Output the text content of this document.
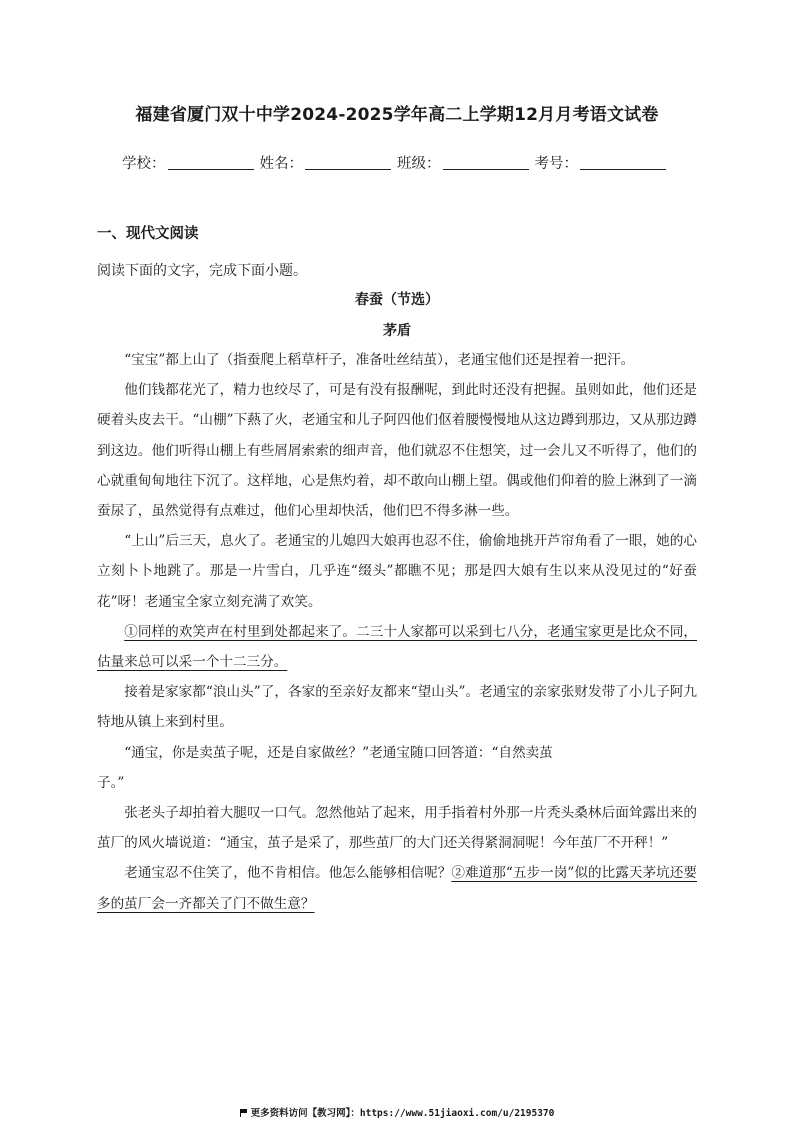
福建省厦门双十中学2024-2025学年高二上学期12月月考语文试卷
学校：	姓名：	班级：	考号：
一、现代文阅读
阅读下面的文字，完成下面小题。
春蚕（节选）
茅盾

“宝宝”都上山了（指蚕爬上稻草杆子，准备吐丝结茧），老通宝他们还是捏着一把汗。

他们钱都花光了，精力也绞尽了，可是有没有报酬呢，到此时还没有把握。虽则如此，他们还是硬着头皮去干。“山棚”下爇了火，老通宝和儿子阿四他们伛着腰慢慢地从这边蹲到那边，又从那边蹲到这边。他们听得山棚上有些屑屑索索的细声音，他们就忍不住想笑，过一会儿又不听得了，他们的心就重甸甸地往下沉了。这样地，心是焦灼着，却不敢向山棚上望。偶或他们仰着的脸上淋到了一滴蚕尿了，虽然觉得有点难过，他们心里却快活，他们巴不得多淋一些。

“上山”后三天，息火了。老通宝的儿媳四大娘再也忍不住，偷偷地挑开芦帘角看了一眼，她的心立刻卜卜地跳了。那是一片雪白，几乎连“缀头”都瞧不见；那是四大娘有生以来从没见过的“好蚕花”呀！老通宝全家立刻充满了欢笑。

①同样的欢笑声在村里到处都起来了。二三十人家都可以采到七八分，老通宝家更是比众不同，估量来总可以采一个十二三分。

接着是家家都“浪山头”了，各家的至亲好友都来“望山头”。老通宝的亲家张财发带了小儿子阿九特地从镇上来到村里。

“通宝，你是卖茧子呢，还是自家做丝？”老通宝随口回答道：“自然卖茧

子。”

张老头子却拍着大腿叹一口气。忽然他站了起来，用手指着村外那一片秃头桑林后面耸露出来的茧厂的风火墙说道：“通宝，茧子是采了，那些茧厂的大门还关得紧洞洞呢！今年茧厂不开秤！”

老通宝忍不住笑了，他不肯相信。他怎么能够相信呢？②难道那“五步一岗”似的比露天茅坑还要多的茧厂会一齐都关了门不做生意？

更多资料访问【教习网】：https://www.51jiaoxi.com/u/2195370
